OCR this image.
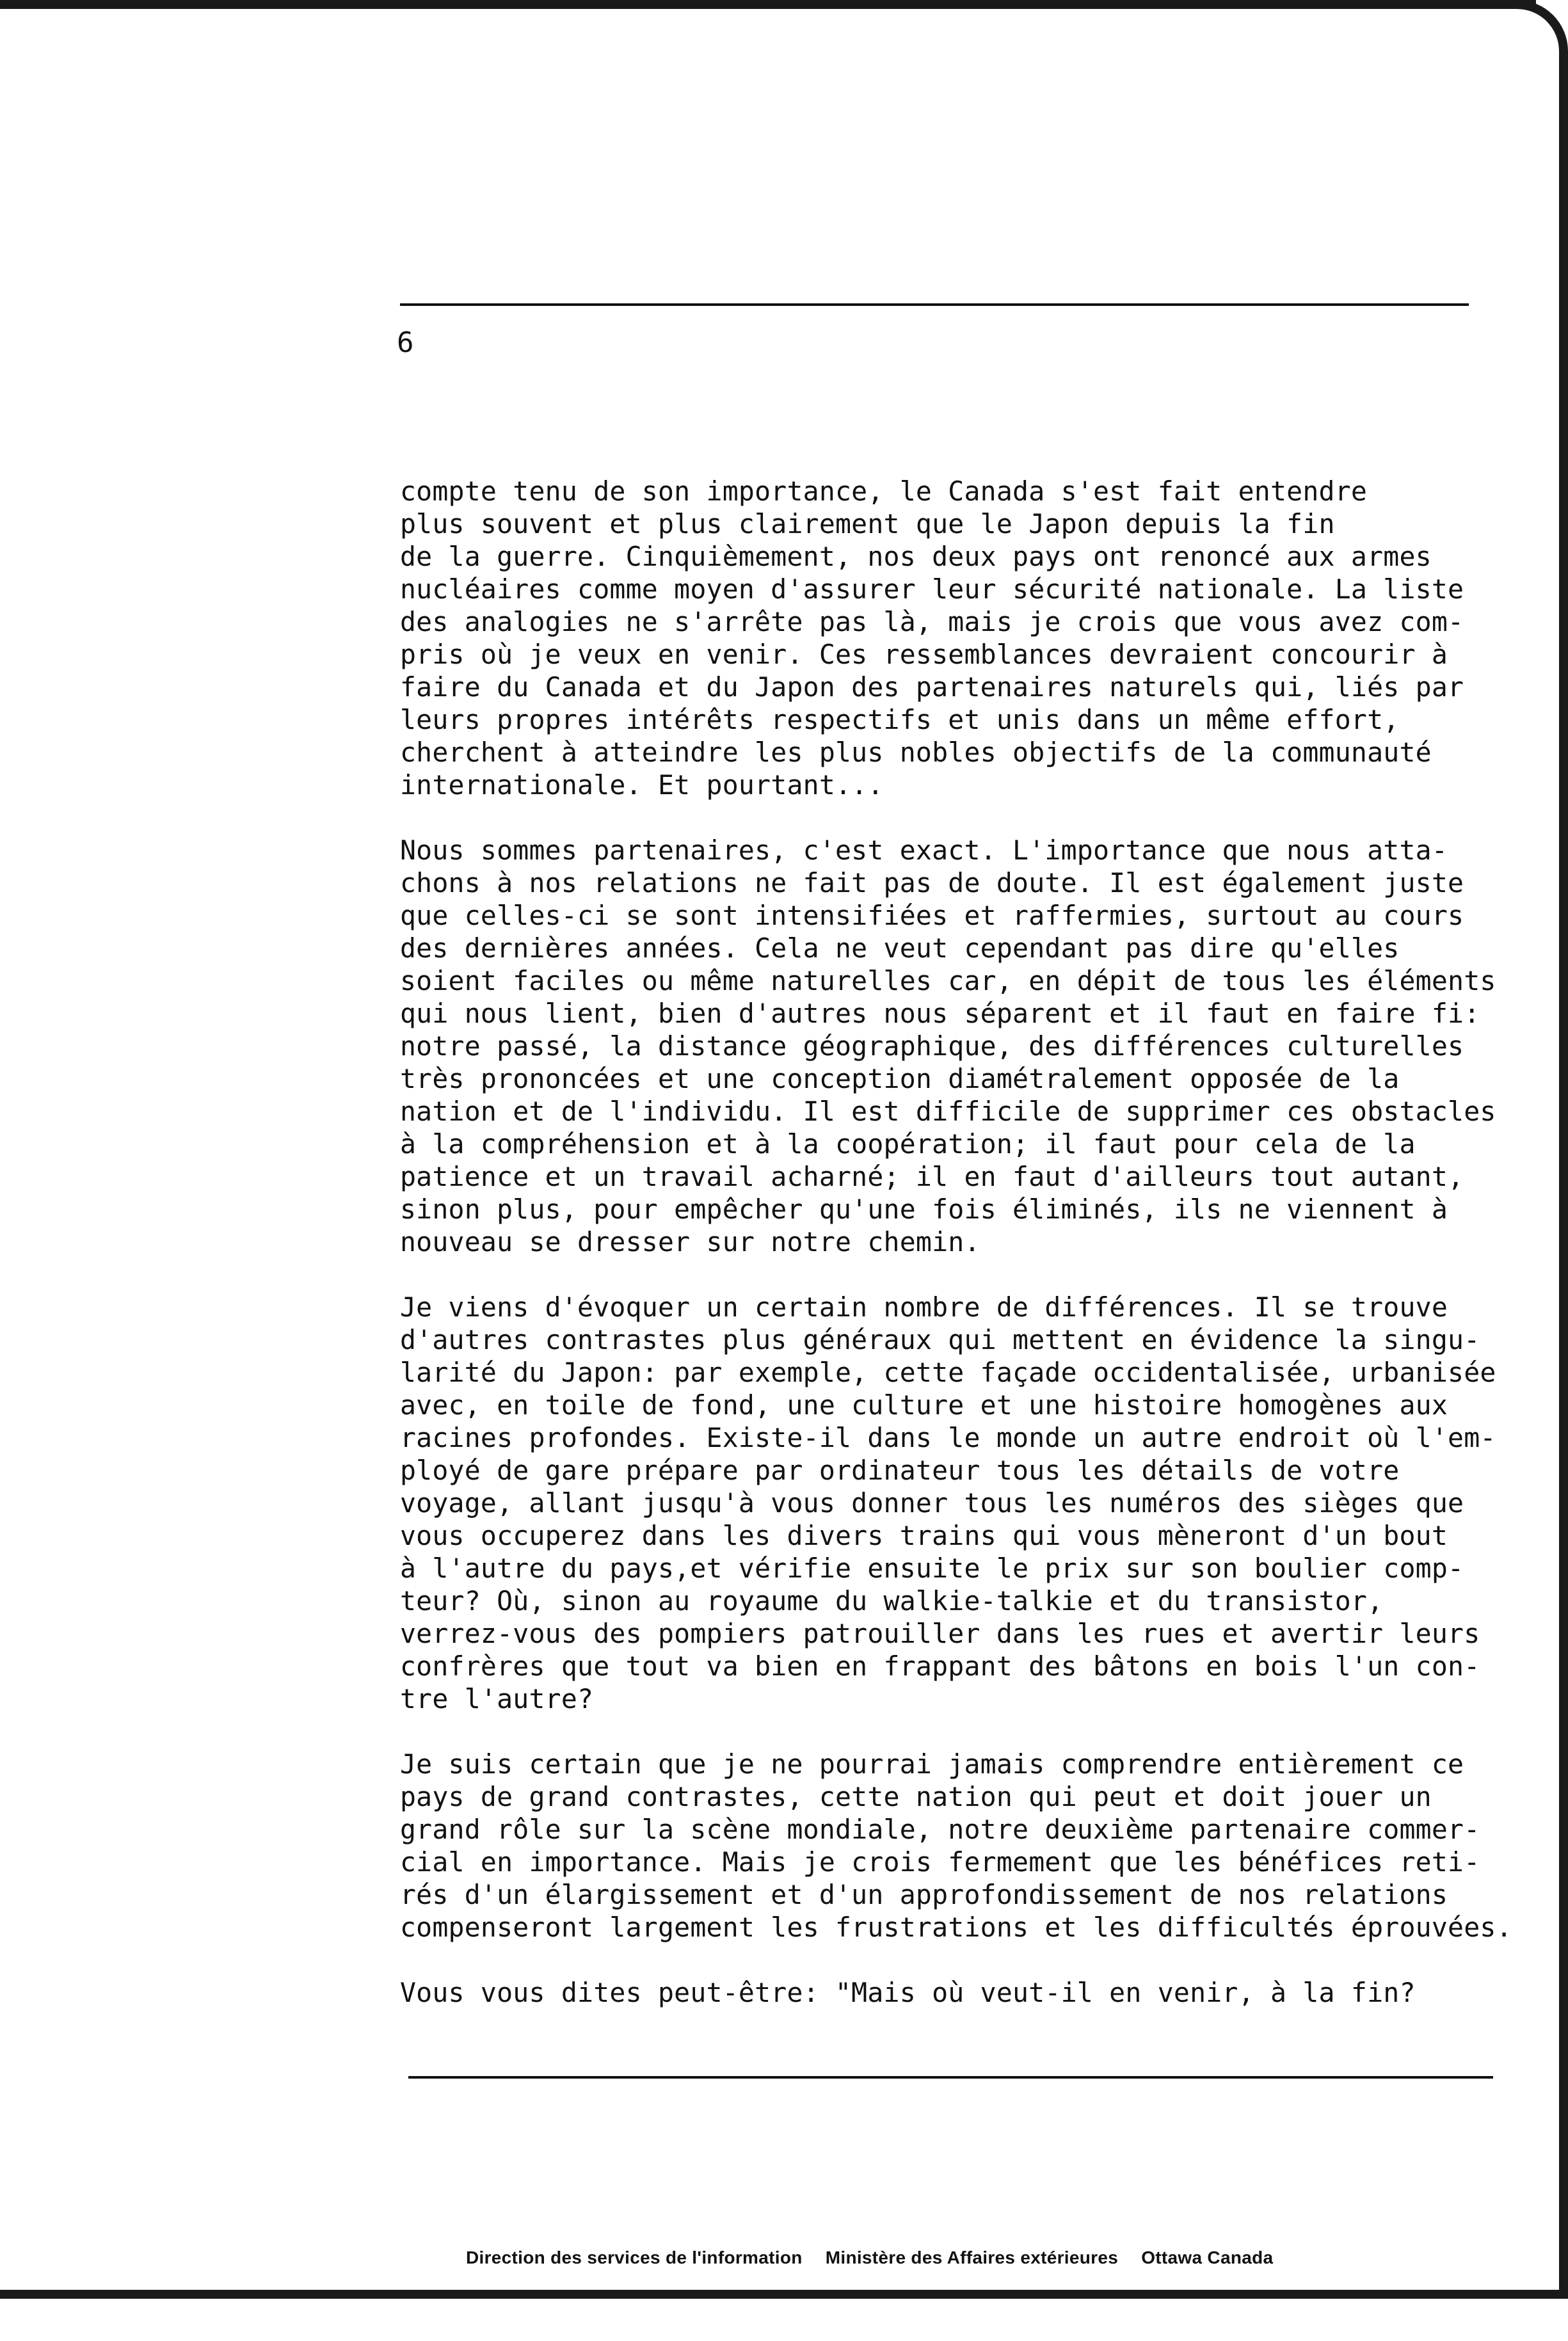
6

compte tenu de son importance, le Canada s'est fait entendre
plus souvent et plus clairement que le Japon depuis la fin
de la guerre. Cinquièmement, nos deux pays ont renoncé aux armes
nucléaires comme moyen d'assurer leur sécurité nationale. La liste
des analogies ne s'arrête pas là, mais je crois que vous avez com-
pris où je veux en venir. Ces ressemblances devraient concourir à
faire du Canada et du Japon des partenaires naturels qui, liés par
leurs propres intérêts respectifs et unis dans un même effort,
cherchent à atteindre les plus nobles objectifs de la communauté
internationale. Et pourtant...

Nous sommes partenaires, c'est exact. L'importance que nous atta-
chons à nos relations ne fait pas de doute. Il est également juste
que celles-ci se sont intensifiées et raffermies, surtout au cours
des dernières années. Cela ne veut cependant pas dire qu'elles
soient faciles ou même naturelles car, en dépit de tous les éléments
qui nous lient, bien d'autres nous séparent et il faut en faire fi:
notre passé, la distance géographique, des différences culturelles
très prononcées et une conception diamétralement opposée de la
nation et de l'individu. Il est difficile de supprimer ces obstacles
à la compréhension et à la coopération; il faut pour cela de la
patience et un travail acharné; il en faut d'ailleurs tout autant,
sinon plus, pour empêcher qu'une fois éliminés, ils ne viennent à
nouveau se dresser sur notre chemin.

Je viens d'évoquer un certain nombre de différences. Il se trouve
d'autres contrastes plus généraux qui mettent en évidence la singu-
larité du Japon: par exemple, cette façade occidentalisée, urbanisée
avec, en toile de fond, une culture et une histoire homogènes aux
racines profondes. Existe-il dans le monde un autre endroit où l'em-
ployé de gare prépare par ordinateur tous les détails de votre
voyage, allant jusqu'à vous donner tous les numéros des sièges que
vous occuperez dans les divers trains qui vous mèneront d'un bout
à l'autre du pays,et vérifie ensuite le prix sur son boulier comp-
teur? Où, sinon au royaume du walkie-talkie et du transistor,
verrez-vous des pompiers patrouiller dans les rues et avertir leurs
confrères que tout va bien en frappant des bâtons en bois l'un con-
tre l'autre?

Je suis certain que je ne pourrai jamais comprendre entièrement ce
pays de grand contrastes, cette nation qui peut et doit jouer un
grand rôle sur la scène mondiale, notre deuxième partenaire commer-
cial en importance. Mais je crois fermement que les bénéfices reti-
rés d'un élargissement et d'un approfondissement de nos relations
compenseront largement les frustrations et les difficultés éprouvées.

Vous vous dites peut-être: "Mais où veut-il en venir, à la fin?

Direction des services de l'information Ministère des Affaires extérieures Ottawa Canada
